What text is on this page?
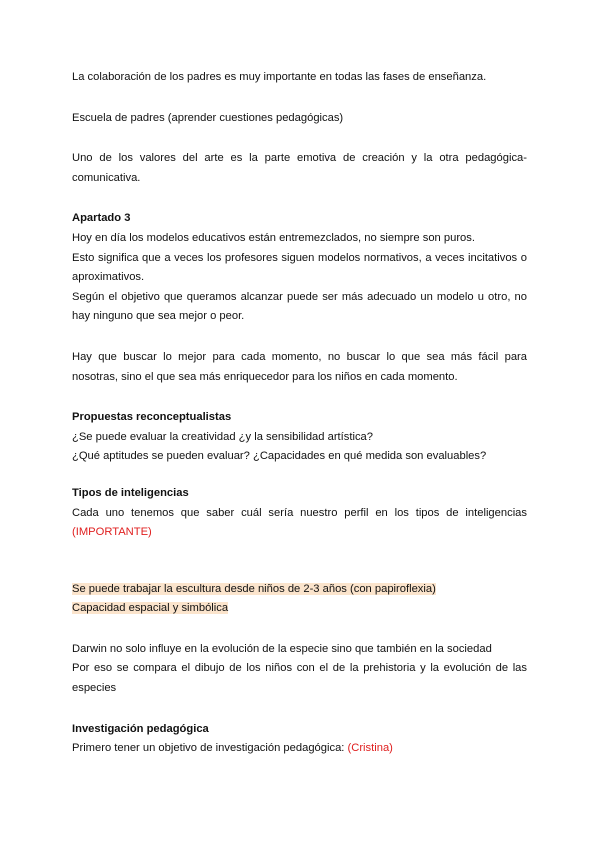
La colaboración de los padres es muy importante en todas las fases de enseñanza.

Escuela de padres (aprender cuestiones pedagógicas)

Uno de los valores del arte es la parte emotiva de creación y la otra pedagógica-comunicativa.

Apartado 3

Hoy en día los modelos educativos están entremezclados, no siempre son puros.

Esto significa que a veces los profesores siguen modelos normativos, a veces incitativos o aproximativos.

Según el objetivo que queramos alcanzar puede ser más adecuado un modelo u otro, no hay ninguno que sea mejor o peor.

Hay que buscar lo mejor para cada momento, no buscar lo que sea más fácil para nosotras, sino el que sea más enriquecedor para los niños en cada momento.

Propuestas reconceptualistas

¿Se puede evaluar la creatividad ¿y la sensibilidad artística?

¿Qué aptitudes se pueden evaluar? ¿Capacidades en qué medida son evaluables?

Tipos de inteligencias

Cada uno tenemos que saber cuál sería nuestro perfil en los tipos de inteligencias (IMPORTANTE)

Se puede trabajar la escultura desde niños de 2-3 años (con papiroflexia)

Capacidad espacial y simbólica

Darwin no solo influye en la evolución de la especie sino que también en la sociedad

Por eso se compara el dibujo de los niños con el de la prehistoria y la evolución de las especies

Investigación pedagógica

Primero tener un objetivo de investigación pedagógica: (Cristina)
